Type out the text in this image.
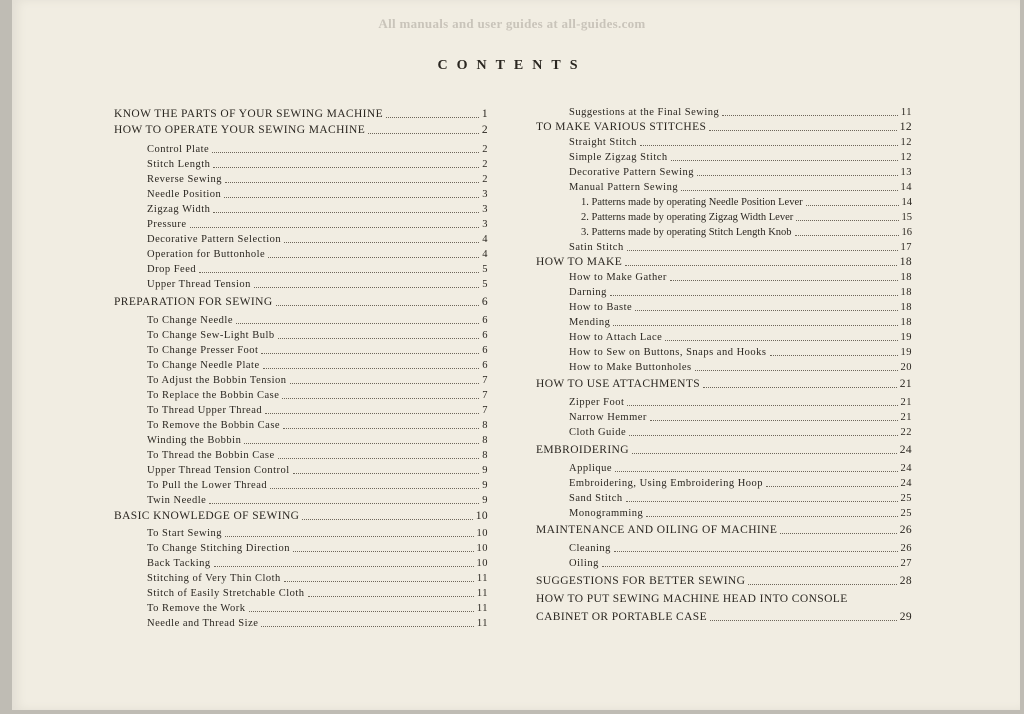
All manuals and user guides at all-guides.com
CONTENTS
KNOW THE PARTS OF YOUR SEWING MACHINE	1
HOW TO OPERATE YOUR SEWING MACHINE	2
Control Plate	2
Stitch Length	2
Reverse Sewing	2
Needle Position	3
Zigzag Width	3
Pressure	3
Decorative Pattern Selection	4
Operation for Buttonhole	4
Drop Feed	5
Upper Thread Tension	5
PREPARATION FOR SEWING	6
To Change Needle	6
To Change Sew-Light Bulb	6
To Change Presser Foot	6
To Change Needle Plate	6
To Adjust the Bobbin Tension	7
To Replace the Bobbin Case	7
To Thread Upper Thread	7
To Remove the Bobbin Case	8
Winding the Bobbin	8
To Thread the Bobbin Case	8
Upper Thread Tension Control	9
To Pull the Lower Thread	9
Twin Needle	9
BASIC KNOWLEDGE OF SEWING	10
To Start Sewing	10
To Change Stitching Direction	10
Back Tacking	10
Stitching of Very Thin Cloth	11
Stitch of Easily Stretchable Cloth	11
To Remove the Work	11
Needle and Thread Size	11
Suggestions at the Final Sewing	11
TO MAKE VARIOUS STITCHES	12
Straight Stitch	12
Simple Zigzag Stitch	12
Decorative Pattern Sewing	13
Manual Pattern Sewing	14
1. Patterns made by operating Needle Position Lever	14
2. Patterns made by operating Zigzag Width Lever	15
3. Patterns made by operating Stitch Length Knob	16
Satin Stitch	17
HOW TO MAKE	18
How to Make Gather	18
Darning	18
How to Baste	18
Mending	18
How to Attach Lace	19
How to Sew on Buttons, Snaps and Hooks	19
How to Make Buttonholes	20
HOW TO USE ATTACHMENTS	21
Zipper Foot	21
Narrow Hemmer	21
Cloth Guide	22
EMBROIDERING	24
Applique	24
Embroidering, Using Embroidering Hoop	24
Sand Stitch	25
Monogramming	25
MAINTENANCE AND OILING OF MACHINE	26
Cleaning	26
Oiling	27
SUGGESTIONS FOR BETTER SEWING	28
HOW TO PUT SEWING MACHINE HEAD INTO CONSOLE
CABINET OR PORTABLE CASE	29
